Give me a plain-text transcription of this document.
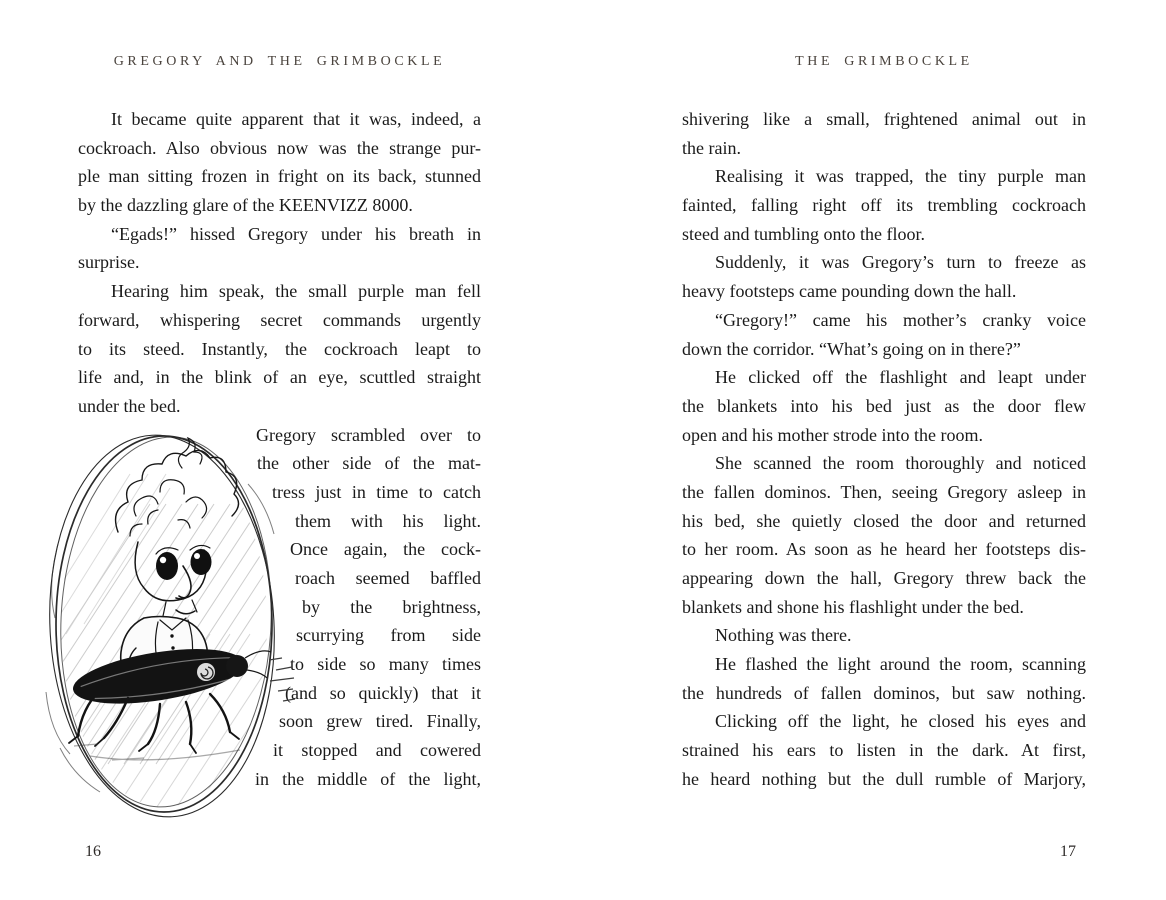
GREGORY AND THE GRIMBOCKLE
It became quite apparent that it was, indeed, a
cockroach. Also obvious now was the strange pur-
ple man sitting frozen in fright on its back, stunned
by the dazzling glare of the KEENVIZZ 8000.
“Egads!” hissed Gregory under his breath in
surprise.
Hearing him speak, the small purple man fell
forward, whispering secret commands urgently
to its steed. Instantly, the cockroach leapt to
life and, in the blink of an eye, scuttled straight
under the bed.
Gregory scrambled over to
the other side of the mat-
tress just in time to catch
them with his light.
Once again, the cock-
roach seemed baffled
by the brightness,
scurrying from side
to side so many times
(and so quickly) that it
soon grew tired. Finally,
it stopped and cowered
in the middle of the light,
THE GRIMBOCKLE
shivering like a small, frightened animal out in
the rain.
Realising it was trapped, the tiny purple man
fainted, falling right off its trembling cockroach
steed and tumbling onto the floor.
Suddenly, it was Gregory’s turn to freeze as
heavy footsteps came pounding down the hall.
“Gregory!” came his mother’s cranky voice
down the corridor. “What’s going on in there?”
He clicked off the flashlight and leapt under
the blankets into his bed just as the door flew
open and his mother strode into the room.
She scanned the room thoroughly and noticed
the fallen dominos. Then, seeing Gregory asleep in
his bed, she quietly closed the door and returned
to her room. As soon as he heard her footsteps dis-
appearing down the hall, Gregory threw back the
blankets and shone his flashlight under the bed.
Nothing was there.
He flashed the light around the room, scanning
the hundreds of fallen dominos, but saw nothing.
Clicking off the light, he closed his eyes and
strained his ears to listen in the dark. At first,
he heard nothing but the dull rumble of Marjory,
16	17
